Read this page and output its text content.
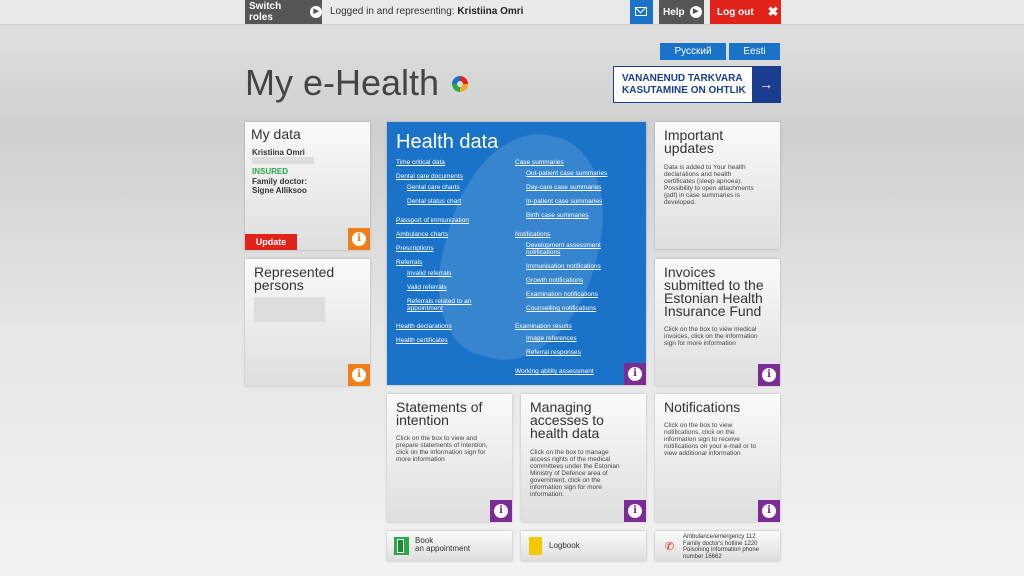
Switch roles
▶	Logged in and representing: Kristiina Omri	Help	▶	Log out ✖
Русский	Eesti
My e-Health	VANANENUD TARKVARA
KASUTAMINE ON OHTLIK →
My data
Kristiina Omri
INSURED
Family doctor:
Signe Alliksoo
Update	i
Represented
persons
i
Health data
Time critical data
Dental care documents
Dental care charts
Dental status chart
Passport of immunization
Ambulance charts
Prescriptions
Referrals
Invalid referrals
Valid referrals
Referrals related to an
appointment
Health declarations
Health certificates
Case summaries
Out-patient case summaries
Day-care case summaries
In-patient case summaries
Birth case summaries
Notifications
Development assessment
notifications
Immunisation notifications
Growth notifications
Examination notifications
Counselling notifications
Examination results
Image references
Referral responses
Working ability assessment	i
Important
updates
Data is added to Your health
declarations and health
certificates (sleep apnoea).
Possibility to open attachments
(pdf) in case summaries is
developed.
Invoices
submitted to the
Estonian Health
Insurance Fund
Click on the box to view medical
invoices, click on the information
sign for more information
i
Statements of
intention
Click on the box to view and
prepare statements of intention,
click on the information sign for
more information
i
Managing
accesses to
health data
Click on the box to manage
access rights of the medical
committees under the Estonian
Ministry of Defence area of
government, click on the
information sign for more
information.
i
Notifications
Click on the box to view
notifications, click on the
information sign to receive
notifications on your e-mail or to
view additional information
i
Book
an appointment	Logbook	✆
Ambulance/emergency 112
Family doctor's hotline 1220
Poisoning information phone
number 16662
